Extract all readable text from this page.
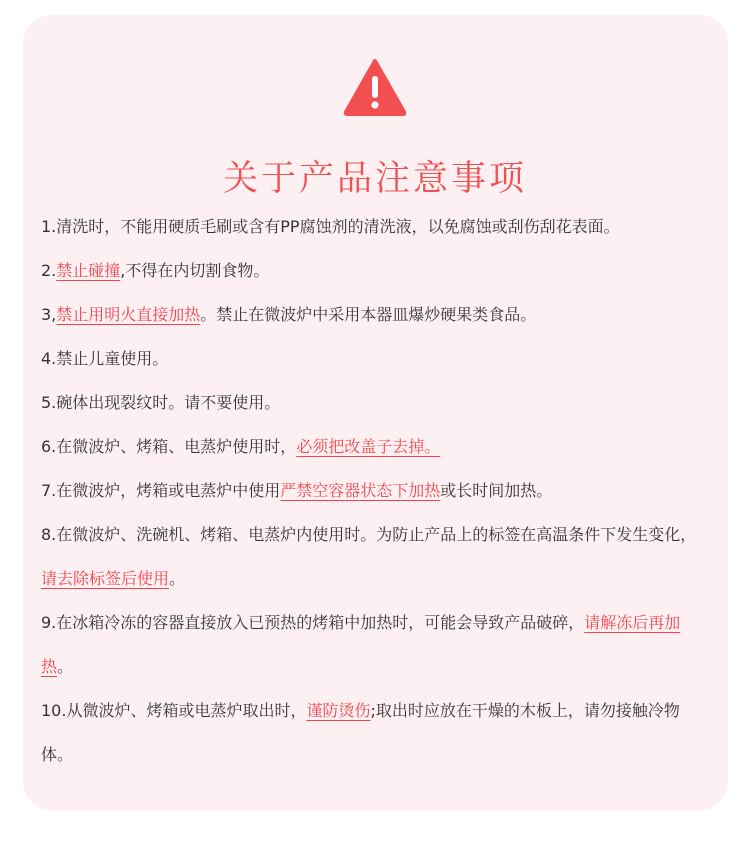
关于产品注意事项
1.清洗时，不能用硬质毛刷或含有PP腐蚀剂的清洗液，以免腐蚀或刮伤刮花表面。
2.禁止碰撞,不得在内切割食物。
3,禁止用明火直接加热。禁止在微波炉中采用本器皿爆炒硬果类食品。
4.禁止儿童使用。
5.碗体出现裂纹时。请不要使用。
6.在微波炉、烤箱、电蒸炉使用时，必须把改盖子去掉。
7.在微波炉，烤箱或电蒸炉中使用严禁空容器状态下加热或长时间加热。
8.在微波炉、洗碗机、烤箱、电蒸炉内使用时。为防止产品上的标签在高温条件下发生变化，请去除标签后使用。
9.在冰箱冷冻的容器直接放入已预热的烤箱中加热时，可能会导致产品破碎，请解冻后再加热。
10.从微波炉、烤箱或电蒸炉取出时，谨防烫伤;取出时应放在干燥的木板上，请勿接触冷物体。
